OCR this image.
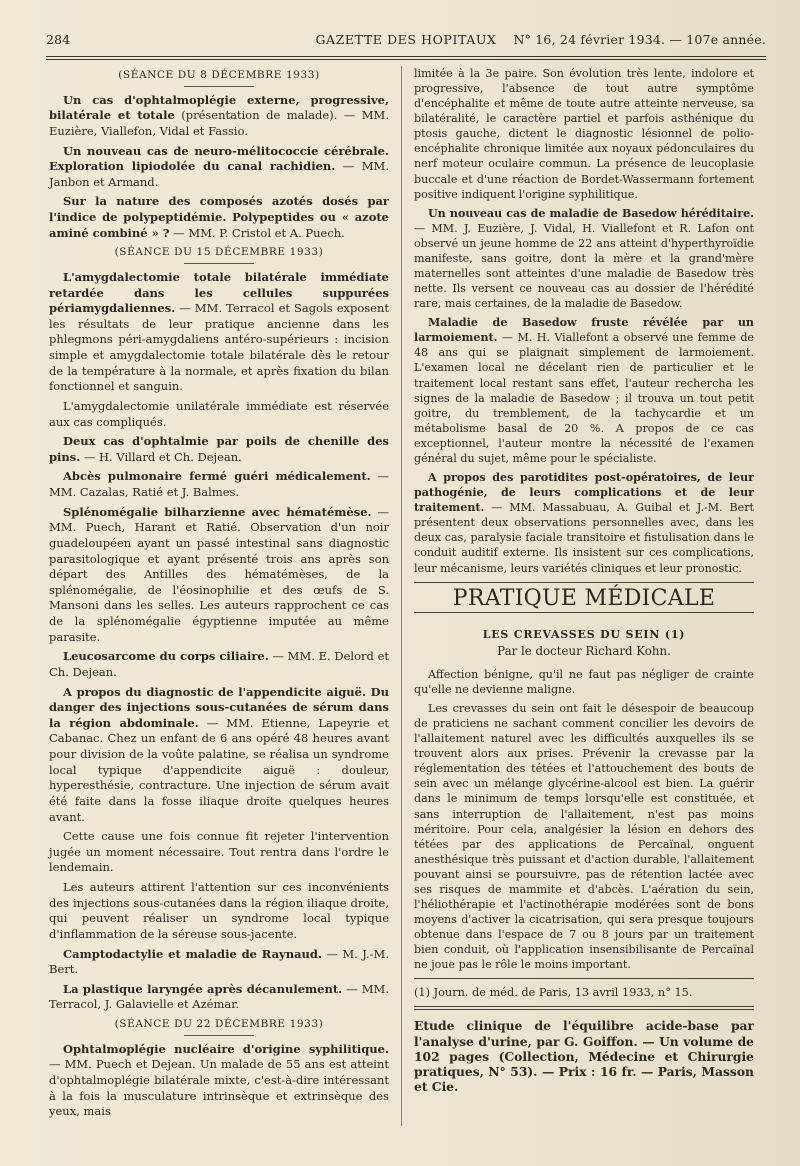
284	GAZETTE DES HOPITAUX	N° 16, 24 février 1934. — 107e année.
(SÉANCE DU 8 DÉCEMBRE 1933)

Un cas d'ophtalmoplégie externe, progressive, bilatérale et totale (présentation de malade). — MM. Euzière, Viallefon, Vidal et Fassio.

Un nouveau cas de neuro-mélitococcie cérébrale. Exploration lipiodolée du canal rachidien. — MM. Janbon et Armand.

Sur la nature des composés azotés dosés par l'indice de polypeptidémie. Polypeptides ou « azote aminé combiné » ? — MM. P. Cristol et A. Puech.

(SÉANCE DU 15 DÉCEMBRE 1933)

L'amygdalectomie totale bilatérale immédiate retardée dans les cellules suppurées périamygdaliennes. — MM. Terracol et Sagols exposent les résultats de leur pratique ancienne dans les phlegmons péri-amygdaliens antéro-supérieurs : incision simple et amygdalectomie totale bilatérale dès le retour de la température à la normale, et après fixation du bilan fonctionnel et sanguin.

L'amygdalectomie unilatérale immédiate est réservée aux cas compliqués.

Deux cas d'ophtalmie par poils de chenille des pins. — H. Villard et Ch. Dejean.

Abcès pulmonaire fermé guéri médicalement. — MM. Cazalas, Ratié et J. Balmes.

Splénomégalie bilharzienne avec hématémèse. — MM. Puech, Harant et Ratié. Observation d'un noir guadeloupéen ayant un passé intestinal sans diagnostic parasitologique et ayant présenté trois ans après son départ des Antilles des hématémèses, de la splénomégalie, de l'éosinophilie et des œufs de S. Mansoni dans les selles. Les auteurs rapprochent ce cas de la splénomégalie égyptienne imputée au même parasite.

Leucosarcome du corps ciliaire. — MM. E. Delord et Ch. Dejean.

A propos du diagnostic de l'appendicite aiguë. Du danger des injections sous-cutanées de sérum dans la région abdominale. — MM. Etienne, Lapeyrie et Cabanac. Chez un enfant de 6 ans opéré 48 heures avant pour division de la voûte palatine, se réalisa un syndrome local typique d'appendicite aiguë : douleur, hyperesthésie, contracture. Une injection de sérum avait été faite dans la fosse iliaque droite quelques heures avant.

Cette cause une fois connue fit rejeter l'intervention jugée un moment nécessaire. Tout rentra dans l'ordre le lendemain.

Les auteurs attirent l'attention sur ces inconvénients des injections sous-cutanées dans la région iliaque droite, qui peuvent réaliser un syndrome local typique d'inflammation de la séreuse sous-jacente.

Camptodactylie et maladie de Raynaud. — M. J.-M. Bert.

La plastique laryngée après décanulement. — MM. Terracol, J. Galavielle et Azémar.

(SÉANCE DU 22 DÉCEMBRE 1933)

Ophtalmoplégie nucléaire d'origine syphilitique. — MM. Puech et Dejean. Un malade de 55 ans est atteint d'ophtalmoplégie bilatérale mixte, c'est-à-dire intéressant à la fois la musculature intrinsèque et extrinsèque des yeux, mais

limitée à la 3e paire. Son évolution très lente, indolore et progressive, l'absence de tout autre symptôme d'encéphalite et même de toute autre atteinte nerveuse, sa bilatéralité, le caractère partiel et parfois asthénique du ptosis gauche, dictent le diagnostic lésionnel de polio-encéphalite chronique limitée aux noyaux pédonculaires du nerf moteur oculaire commun. La présence de leucoplasie buccale et d'une réaction de Bordet-Wassermann fortement positive indiquent l'origine syphilitique.

Un nouveau cas de maladie de Basedow héréditaire. — MM. J. Euzière, J. Vidal, H. Viallefont et R. Lafon ont observé un jeune homme de 22 ans atteint d'hyperthyroïdie manifeste, sans goitre, dont la mère et la grand'mère maternelles sont atteintes d'une maladie de Basedow très nette. Ils versent ce nouveau cas au dossier de l'hérédité rare, mais certaines, de la maladie de Basedow.

Maladie de Basedow fruste révélée par un larmoiement. — M. H. Viallefont a observé une femme de 48 ans qui se plaignait simplement de larmoiement. L'examen local ne décelant rien de particulier et le traitement local restant sans effet, l'auteur rechercha les signes de la maladie de Basedow ; il trouva un tout petit goitre, du tremblement, de la tachycardie et un métabolisme basal de 20 %. A propos de ce cas exceptionnel, l'auteur montre la nécessité de l'examen général du sujet, même pour le spécialiste.

A propos des parotidites post-opératoires, de leur pathogénie, de leurs complications et de leur traitement. — MM. Massabuau, A. Guibal et J.-M. Bert présentent deux observations personnelles avec, dans les deux cas, paralysie faciale transitoire et fistulisation dans le conduit auditif externe. Ils insistent sur ces complications, leur mécanisme, leurs variétés cliniques et leur pronostic.

PRATIQUE MÉDICALE
LES CREVASSES DU SEIN (1)
Par le docteur Richard Kohn.

Affection bénigne, qu'il ne faut pas négliger de crainte qu'elle ne devienne maligne.

Les crevasses du sein ont fait le désespoir de beaucoup de praticiens ne sachant comment concilier les devoirs de l'allaitement naturel avec les difficultés auxquelles ils se trouvent alors aux prises. Prévenir la crevasse par la réglementation des tétées et l'attouchement des bouts de sein avec un mélange glycérine-alcool est bien. La guérir dans le minimum de temps lorsqu'elle est constituée, et sans interruption de l'allaitement, n'est pas moins méritoire. Pour cela, analgésier la lésion en dehors des tétées par des applications de Percaïnal, onguent anesthésique très puissant et d'action durable, l'allaitement pouvant ainsi se poursuivre, pas de rétention lactée avec ses risques de mammite et d'abcès. L'aération du sein, l'héliothérapie et l'actinothérapie modérées sont de bons moyens d'activer la cicatrisation, qui sera presque toujours obtenue dans l'espace de 7 ou 8 jours par un traitement bien conduit, où l'application insensibilisante de Percaïnal ne joue pas le rôle le moins important.

(1) Journ. de méd. de Paris, 13 avril 1933, n° 15.
Etude clinique de l'équilibre acide-base par l'analyse d'urine, par G. Goiffon. — Un volume de 102 pages (Collection, Médecine et Chirurgie pratiques, N° 53). — Prix : 16 fr. — Paris, Masson et Cie.
